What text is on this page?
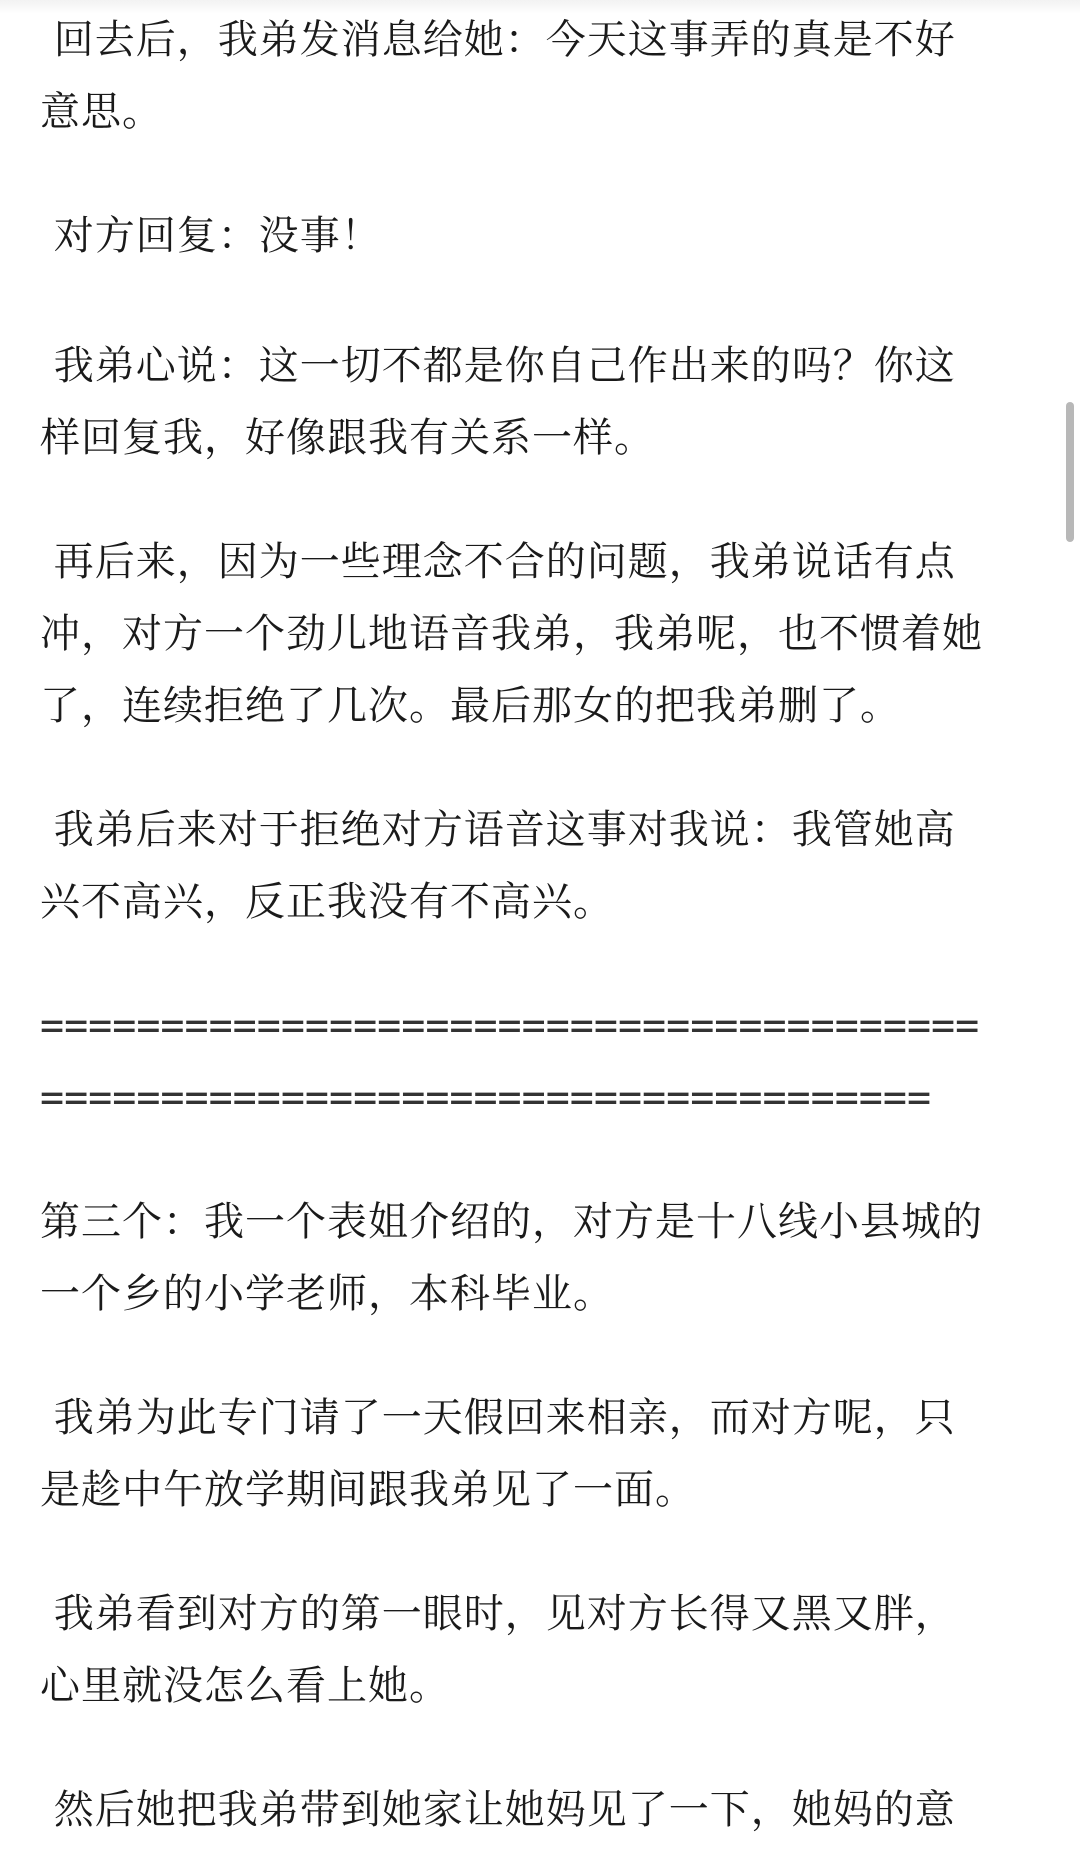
回去后，我弟发消息给她：今天这事弄的真是不好
意思。

对方回复：没事！

我弟心说：这一切不都是你自己作出来的吗？你这
样回复我，好像跟我有关系一样。

再后来，因为一些理念不合的问题，我弟说话有点
冲，对方一个劲儿地语音我弟，我弟呢，也不惯着她
了，连续拒绝了几次。最后那女的把我弟删了。

我弟后来对于拒绝对方语音这事对我说：我管她高
兴不高兴，反正我没有不高兴。

=======================================
=====================================

第三个：我一个表姐介绍的，对方是十八线小县城的
一个乡的小学老师，本科毕业。

我弟为此专门请了一天假回来相亲，而对方呢，只
是趁中午放学期间跟我弟见了一面。

我弟看到对方的第一眼时，见对方长得又黑又胖，
心里就没怎么看上她。

然后她把我弟带到她家让她妈见了一下，她妈的意
